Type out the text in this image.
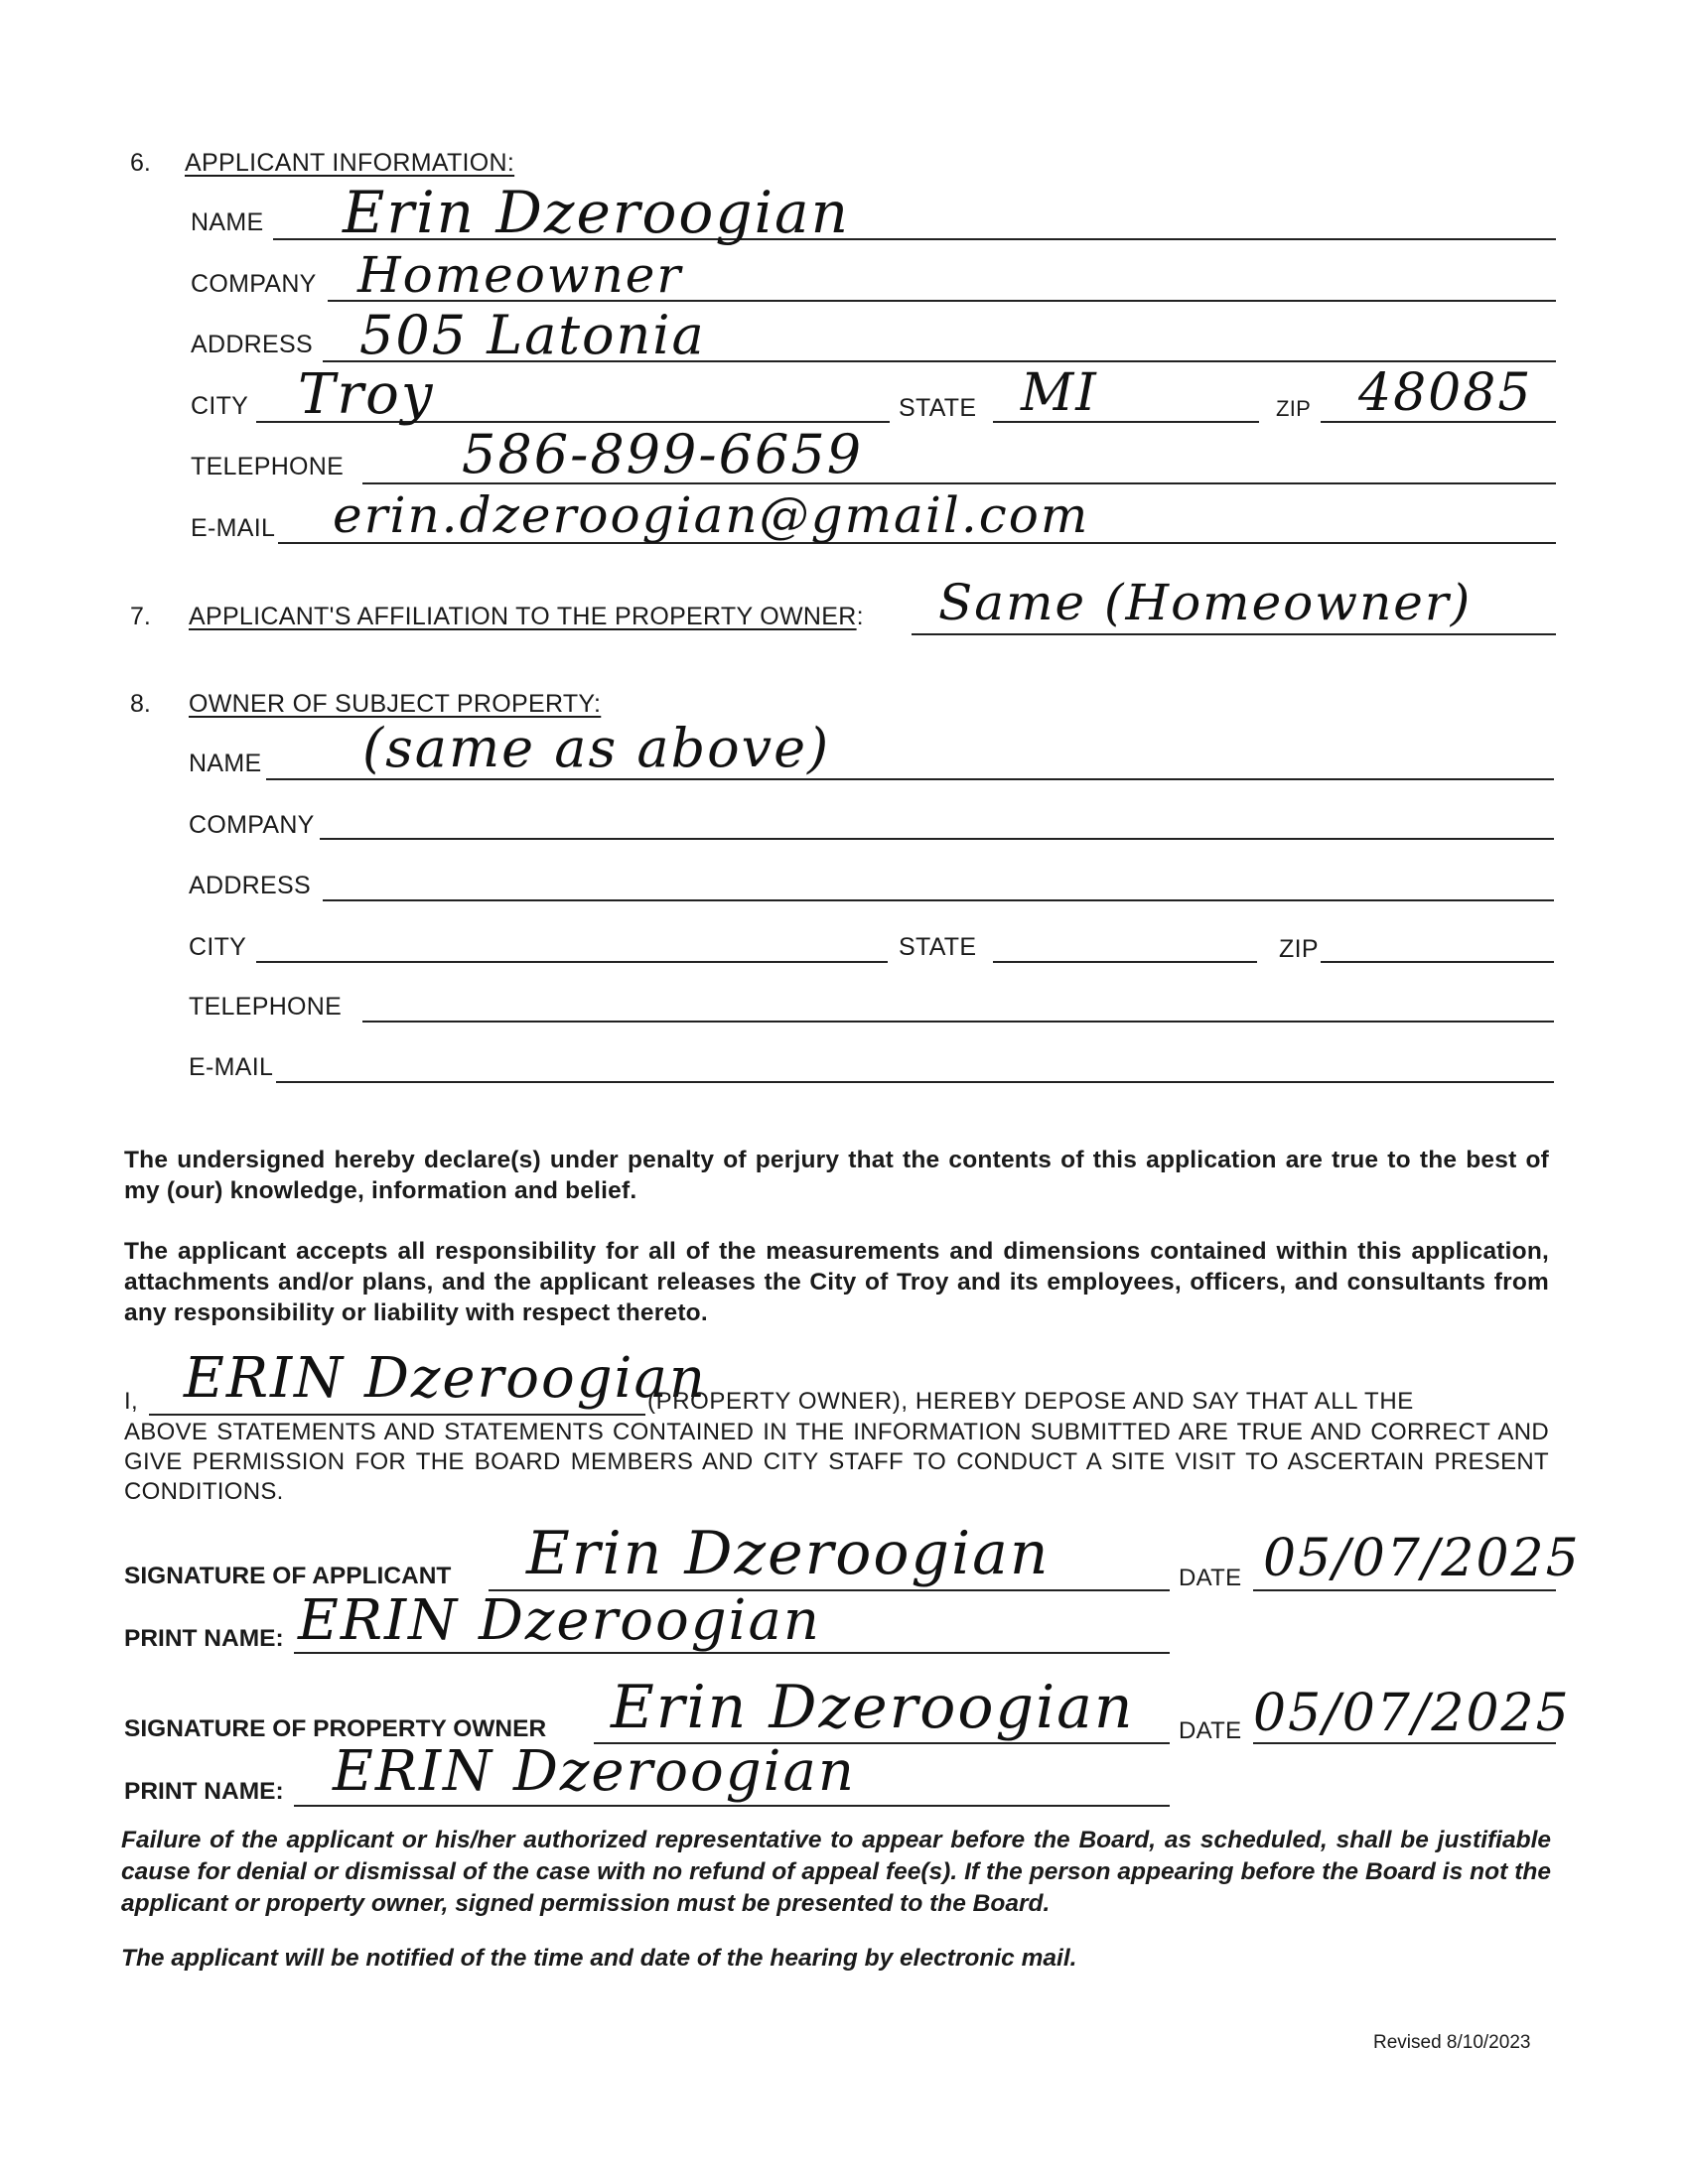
6. APPLICANT INFORMATION:
NAME Erin Dzeroogian
COMPANY Homeowner
ADDRESS 505 Latonia
CITY Troy	STATE MI	ZIP 48085
TELEPHONE 586-899-6659
E-MAIL erin.dzeroogian@gmail.com
7. APPLICANT'S AFFILIATION TO THE PROPERTY OWNER: Same (Homeowner)
8. OWNER OF SUBJECT PROPERTY:
NAME (same as above)
COMPANY
ADDRESS
CITY	STATE	ZIP
TELEPHONE
E-MAIL
The undersigned hereby declare(s) under penalty of perjury that the contents of this application are true to the best of my (our) knowledge, information and belief.
The applicant accepts all responsibility for all of the measurements and dimensions contained within this application, attachments and/or plans, and the applicant releases the City of Troy and its employees, officers, and consultants from any responsibility or liability with respect thereto.
I, ERIN Dzeroogian
(PROPERTY OWNER), HEREBY DEPOSE AND SAY THAT ALL THE
ABOVE STATEMENTS AND STATEMENTS CONTAINED IN THE INFORMATION SUBMITTED ARE TRUE AND CORRECT AND GIVE PERMISSION FOR THE BOARD MEMBERS AND CITY STAFF TO CONDUCT A SITE VISIT TO ASCERTAIN PRESENT CONDITIONS.
SIGNATURE OF APPLICANT Erin Dzeroogian	DATE 05/07/2025
PRINT NAME: ERIN Dzeroogian
SIGNATURE OF PROPERTY OWNER Erin Dzeroogian DATE 05/07/2025
PRINT NAME: ERIN Dzeroogian
Failure of the applicant or his/her authorized representative to appear before the Board, as scheduled, shall be justifiable cause for denial or dismissal of the case with no refund of appeal fee(s). If the person appearing before the Board is not the applicant or property owner, signed permission must be presented to the Board.
The applicant will be notified of the time and date of the hearing by electronic mail.
Revised 8/10/2023
